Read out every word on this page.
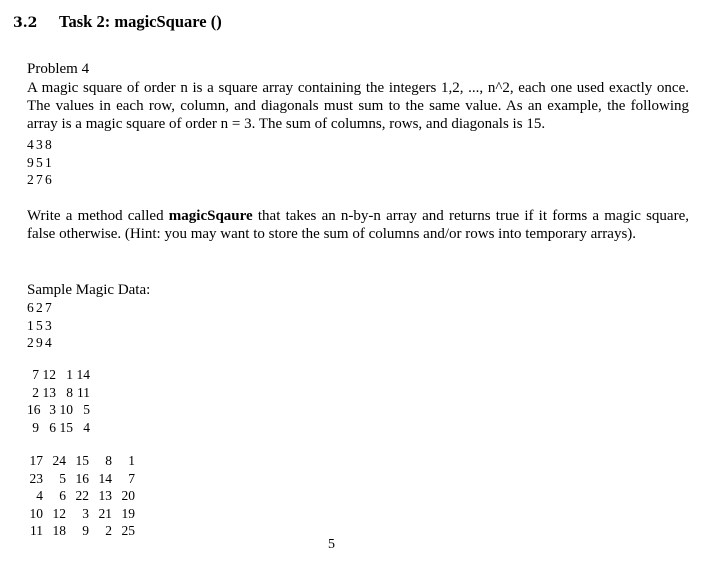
3.2 Task 2: magicSquare ()
Problem 4
A magic square of order n is a square array containing the integers 1,2, ..., n^2, each one used exactly once. The values in each row, column, and diagonals must sum to the same value. As an example, the following array is a magic square of order n = 3. The sum of columns, rows, and diagonals is 15.
4 3 8
9 5 1
2 7 6
Write a method called magicSqaure that takes an n-by-n array and returns true if it forms a magic square, false otherwise. (Hint: you may want to store the sum of columns and/or rows into temporary arrays).
Sample Magic Data:
6 2 7
1 5 3
2 9 4
7 12 1 14
2 13 8 11
16 3 10 5
9 6 15 4
17 24 15	8	1
23	5 16 14	7
4	6 22 13 20
10 12	3 21 19
11 18	9	2 25
5
